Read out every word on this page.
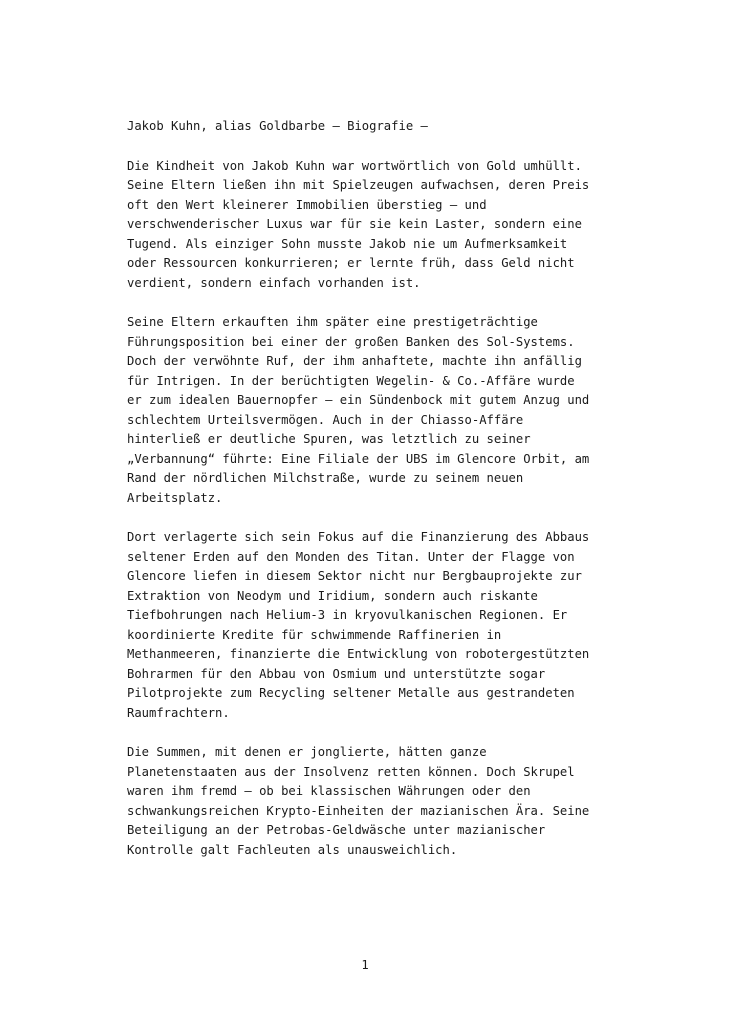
Jakob Kuhn, alias Goldbarbe – Biografie –
Die Kindheit von Jakob Kuhn war wortwörtlich von Gold umhüllt.
Seine Eltern ließen ihn mit Spielzeugen aufwachsen, deren Preis
oft den Wert kleinerer Immobilien überstieg – und
verschwenderischer Luxus war für sie kein Laster, sondern eine
Tugend. Als einziger Sohn musste Jakob nie um Aufmerksamkeit
oder Ressourcen konkurrieren; er lernte früh, dass Geld nicht
verdient, sondern einfach vorhanden ist.
Seine Eltern erkauften ihm später eine prestigeträchtige
Führungsposition bei einer der großen Banken des Sol-Systems.
Doch der verwöhnte Ruf, der ihm anhaftete, machte ihn anfällig
für Intrigen. In der berüchtigten Wegelin- & Co.-Affäre wurde
er zum idealen Bauernopfer – ein Sündenbock mit gutem Anzug und
schlechtem Urteilsvermögen. Auch in der Chiasso-Affäre
hinterließ er deutliche Spuren, was letztlich zu seiner
„Verbannung“ führte: Eine Filiale der UBS im Glencore Orbit, am
Rand der nördlichen Milchstraße, wurde zu seinem neuen
Arbeitsplatz.
Dort verlagerte sich sein Fokus auf die Finanzierung des Abbaus
seltener Erden auf den Monden des Titan. Unter der Flagge von
Glencore liefen in diesem Sektor nicht nur Bergbauprojekte zur
Extraktion von Neodym und Iridium, sondern auch riskante
Tiefbohrungen nach Helium-3 in kryovulkanischen Regionen. Er
koordinierte Kredite für schwimmende Raffinerien in
Methanmeeren, finanzierte die Entwicklung von robotergestützten
Bohrarmen für den Abbau von Osmium und unterstützte sogar
Pilotprojekte zum Recycling seltener Metalle aus gestrandeten
Raumfrachtern.
Die Summen, mit denen er jonglierte, hätten ganze
Planetenstaaten aus der Insolvenz retten können. Doch Skrupel
waren ihm fremd – ob bei klassischen Währungen oder den
schwankungsreichen Krypto-Einheiten der mazianischen Ära. Seine
Beteiligung an der Petrobas-Geldwäsche unter mazianischer
Kontrolle galt Fachleuten als unausweichlich.
1
